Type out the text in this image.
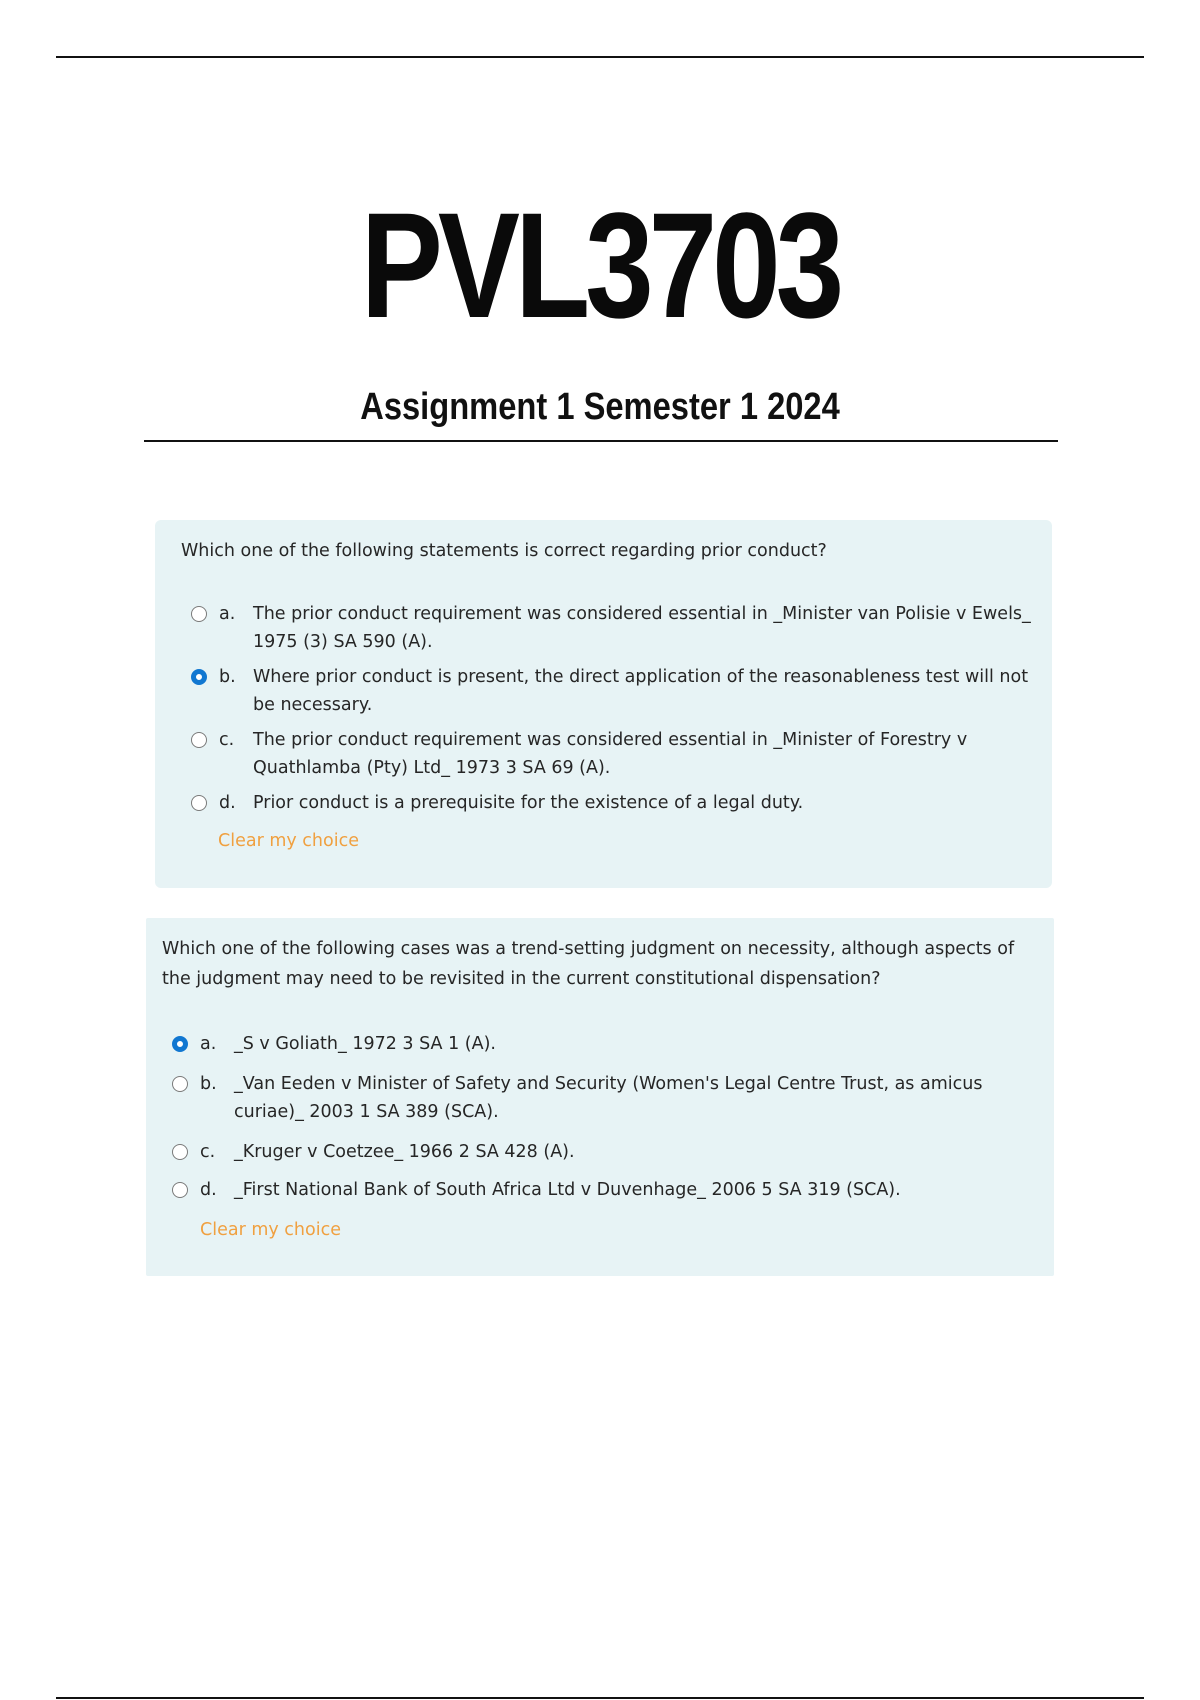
PVL3703
Assignment 1 Semester 1 2024
Which one of the following statements is correct regarding prior conduct?
a. The prior conduct requirement was considered essential in _Minister van Polisie v Ewels_ 1975 (3) SA 590 (A).
b. Where prior conduct is present, the direct application of the reasonableness test will not be necessary.
c. The prior conduct requirement was considered essential in _Minister of Forestry v Quathlamba (Pty) Ltd_ 1973 3 SA 69 (A).
d. Prior conduct is a prerequisite for the existence of a legal duty.
Clear my choice
Which one of the following cases was a trend-setting judgment on necessity, although aspects of the judgment may need to be revisited in the current constitutional dispensation?
a. _S v Goliath_ 1972 3 SA 1 (A).
b. _Van Eeden v Minister of Safety and Security (Women's Legal Centre Trust, as amicus curiae)_ 2003 1 SA 389 (SCA).
c. _Kruger v Coetzee_ 1966 2 SA 428 (A).
d. _First National Bank of South Africa Ltd v Duvenhage_ 2006 5 SA 319 (SCA).
Clear my choice
